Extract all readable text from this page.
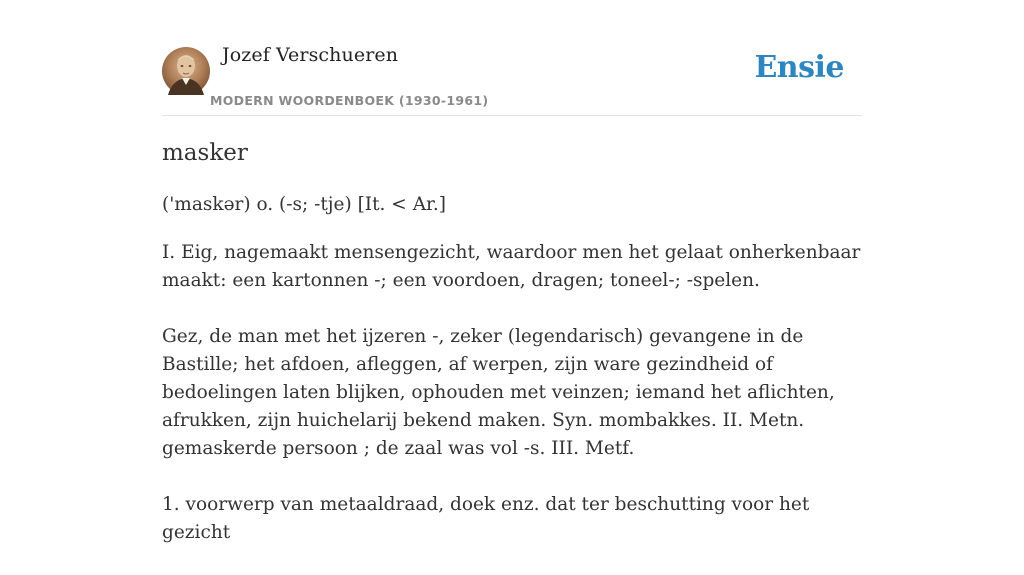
Jozef Verschueren
MODERN WOORDENBOEK (1930-1961)
Ensie
masker
('maskər) o. (-s; -tje) [It. < Ar.]

I. Eig, nagemaakt mensengezicht, waardoor men het gelaat onherkenbaar maakt: een kartonnen -; een voordoen, dragen; toneel-; -spelen.

Gez, de man met het ijzeren -, zeker (legendarisch) gevangene in de Bastille; het afdoen, afleggen, af werpen, zijn ware gezindheid of bedoelingen laten blijken, ophouden met veinzen; iemand het aflichten, afrukken, zijn huichelarij bekend maken. Syn. mombakkes. II. Metn. gemaskerde persoon ; de zaal was vol -s. III. Metf.

1. voorwerp van metaaldraad, doek enz. dat ter beschutting voor het gezicht
